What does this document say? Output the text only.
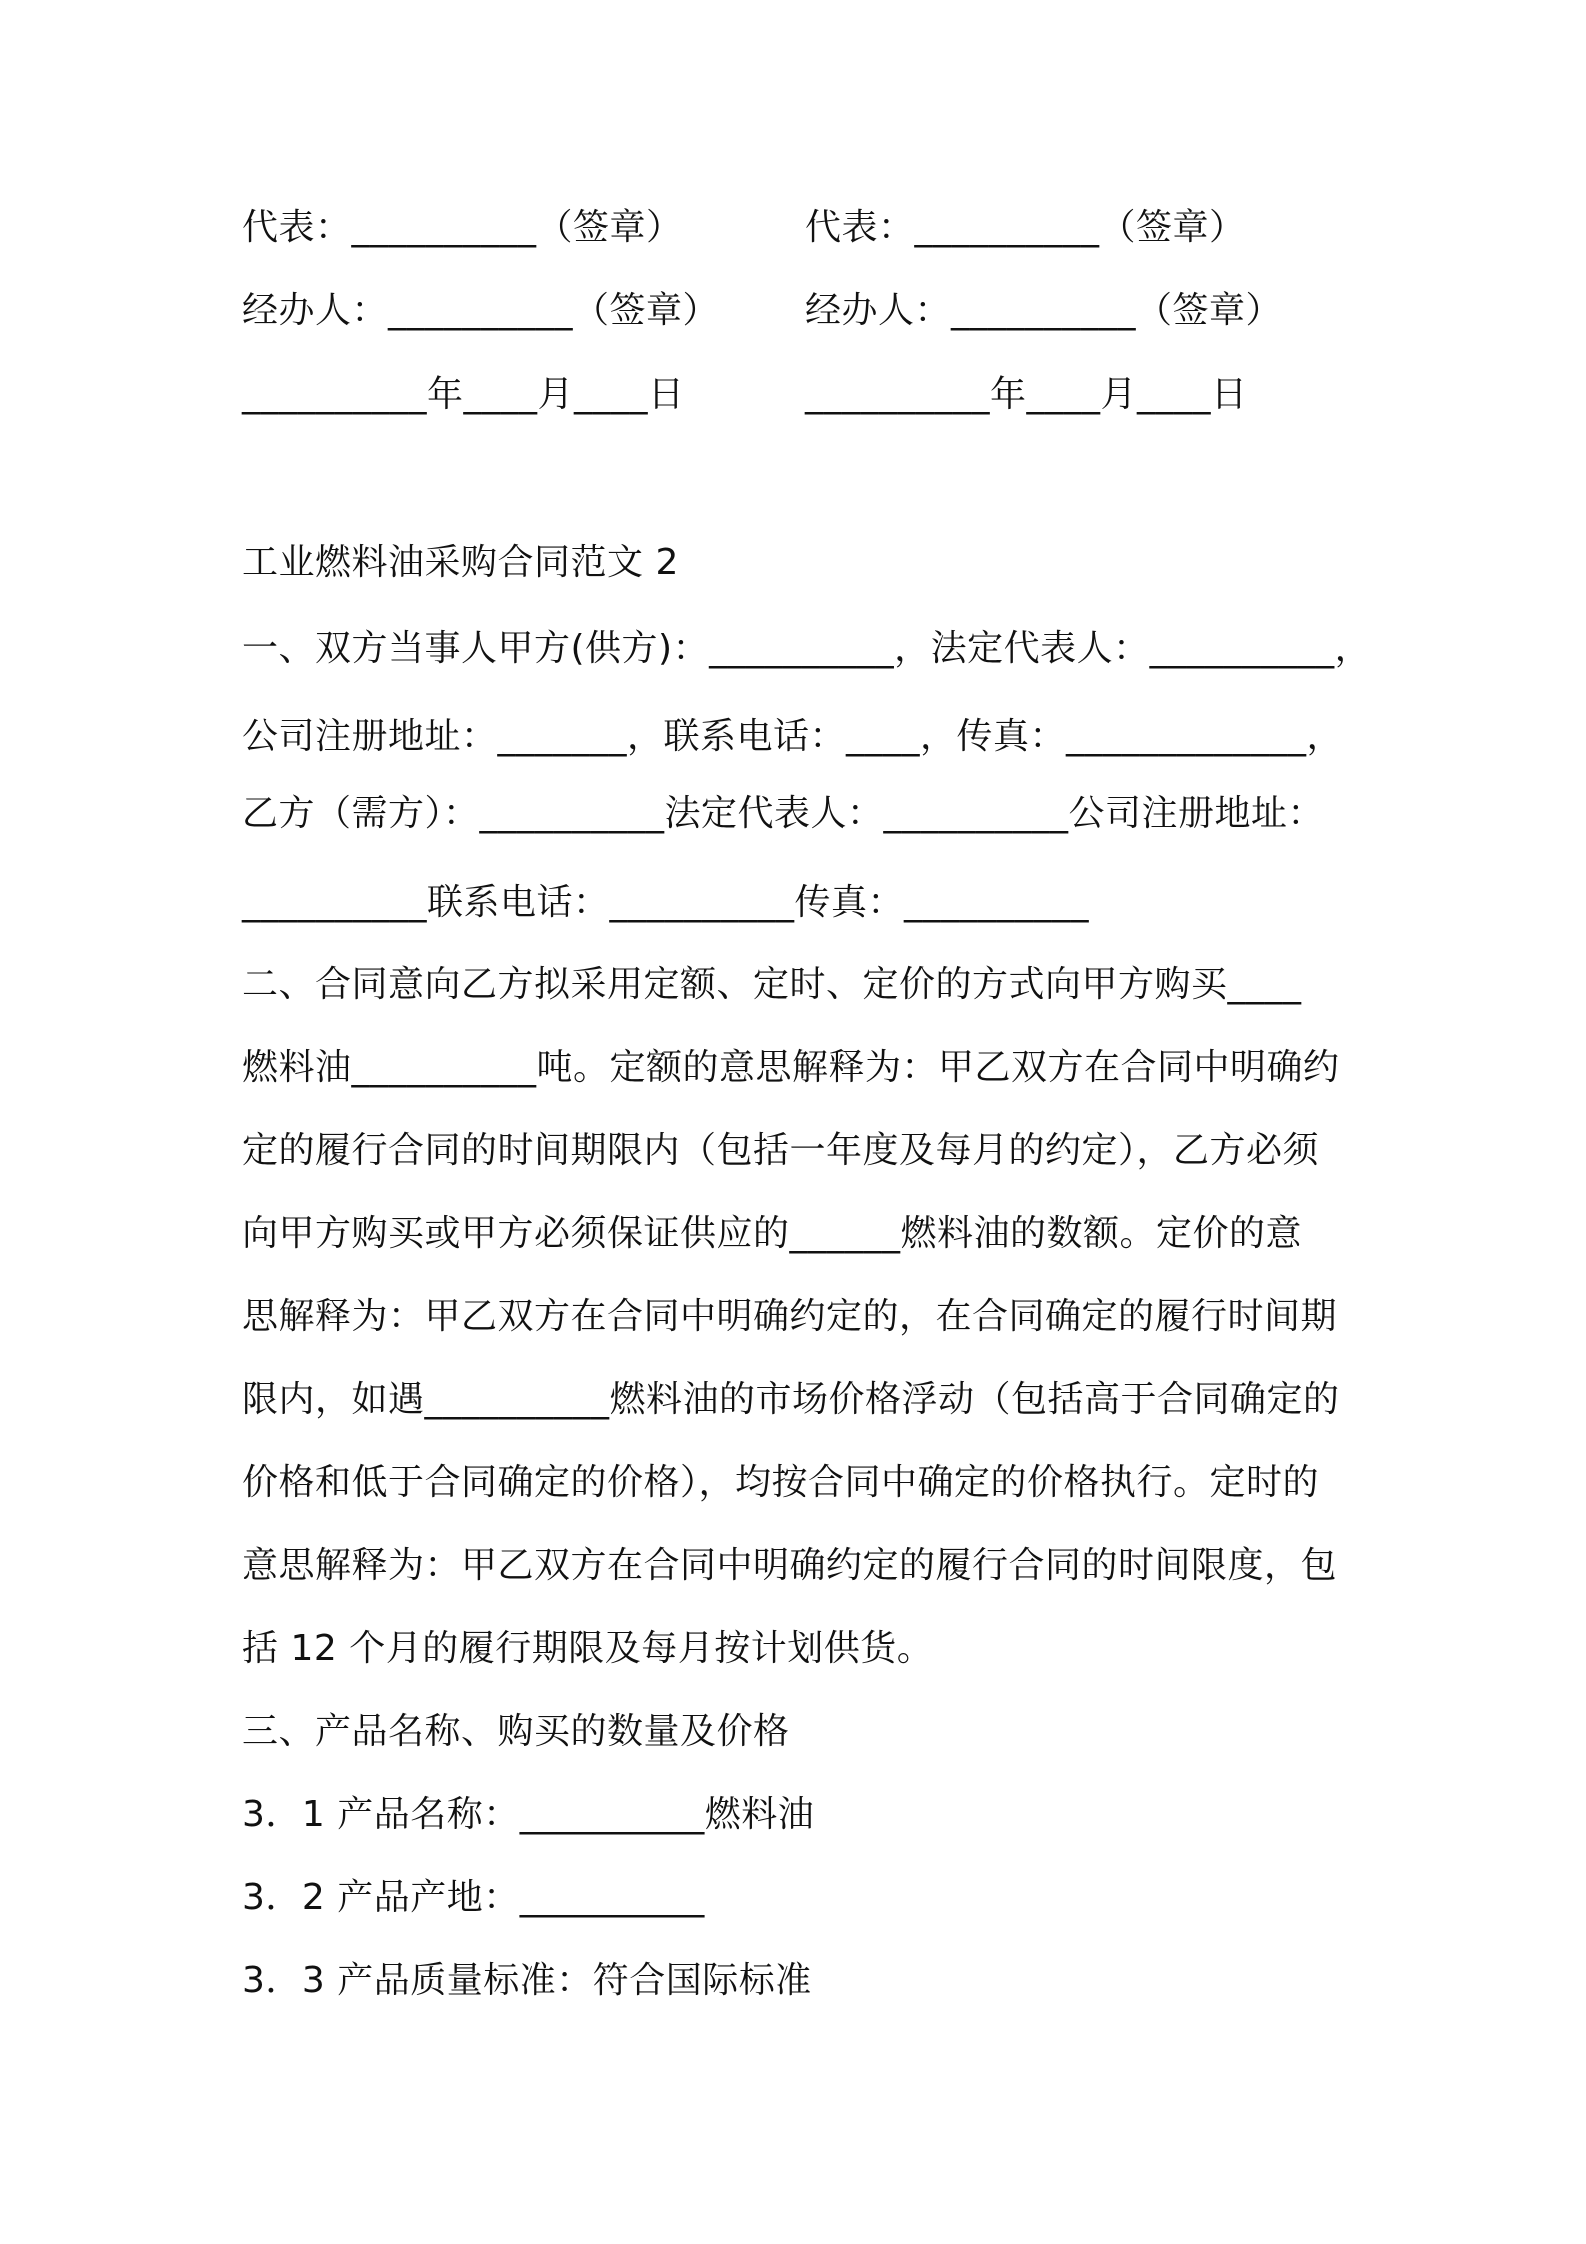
代表：__________（签章）	代表：__________（签章）
经办人：__________（签章） 经办人：__________（签章）
__________年____月____日	__________年____月____日
工业燃料油采购合同范文 2
一、双方当事人甲方(供方)：__________，法定代表人：__________，
公司注册地址：_______，联系电话：____，传真：_____________，
乙方（需方）：__________法定代表人：__________公司注册地址：
__________联系电话：__________传真：__________
二、合同意向乙方拟采用定额、定时、定价的方式向甲方购买____
燃料油__________吨。定额的意思解释为：甲乙双方在合同中明确约
定的履行合同的时间期限内（包括一年度及每月的约定），乙方必须
向甲方购买或甲方必须保证供应的______燃料油的数额。定价的意
思解释为：甲乙双方在合同中明确约定的，在合同确定的履行时间期
限内，如遇__________燃料油的市场价格浮动（包括高于合同确定的
价格和低于合同确定的价格），均按合同中确定的价格执行。定时的
意思解释为：甲乙双方在合同中明确约定的履行合同的时间限度，包
括 12 个月的履行期限及每月按计划供货。
三、产品名称、购买的数量及价格
3．1 产品名称：__________燃料油
3．2 产品产地：__________
3．3 产品质量标准：符合国际标准
